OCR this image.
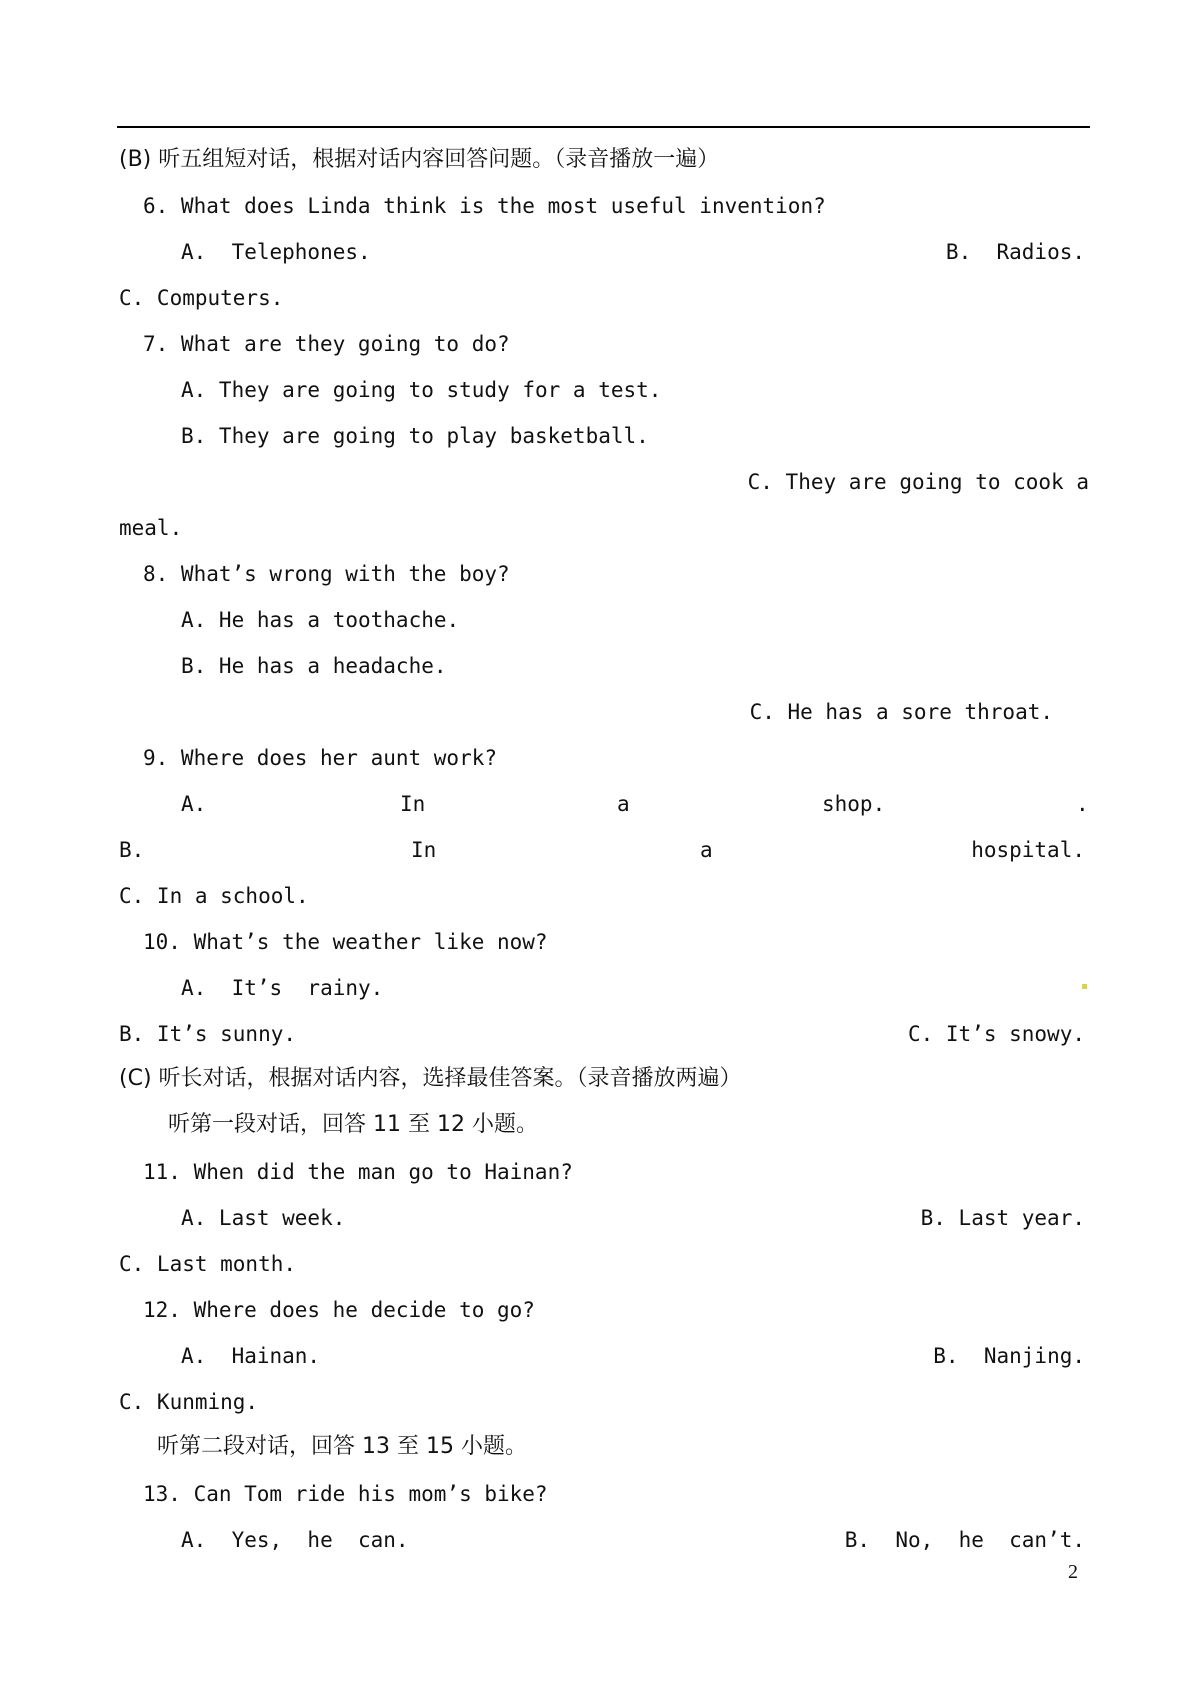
(B) 听五组短对话，根据对话内容回答问题。（录音播放一遍）
6. What does Linda think is the most useful invention?
A.  Telephones.	B.  Radios.
C. Computers.
7. What are they going to do?
A. They are going to study for a test.
B. They are going to play basketball.
C. They are going to cook a
meal.
8. What’s wrong with the boy?
A. He has a toothache.
B. He has a headache.
C. He has a sore throat.
9. Where does her aunt work?
A.	In	a	shop.	.
B.	In	a	hospital.
C. In a school.
10. What’s the weather like now?
A.  It’s  rainy.
B. It’s sunny.	C. It’s snowy.
(C) 听长对话，根据对话内容，选择最佳答案。（录音播放两遍）
听第一段对话，回答 11 至 12 小题。
11. When did the man go to Hainan?
A. Last week.	B. Last year.
C. Last month.
12. Where does he decide to go?
A.  Hainan.	B.  Nanjing.
C. Kunming.
听第二段对话，回答 13 至 15 小题。
13. Can Tom ride his mom’s bike?
A.  Yes,  he  can.	B.  No,  he  can’t.
2
